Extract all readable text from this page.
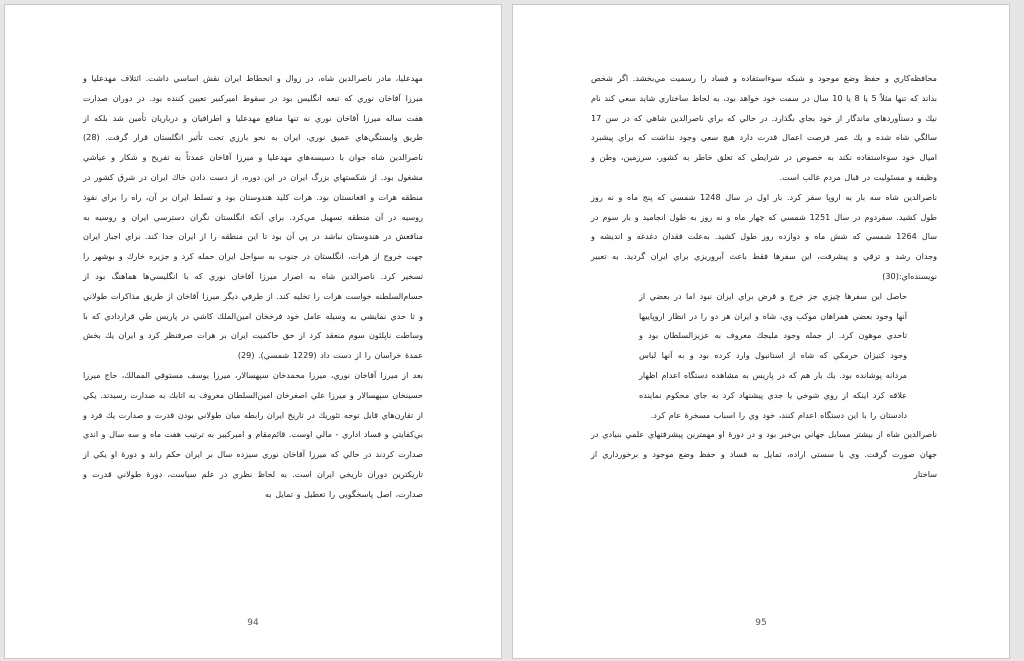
مهدعليا، مادر ناصرالدين شاه، در زوال و انحطاط ايران نقش اساسي داشت. ائتلاف مهدعليا و ميرزا آقاخان نوري كه تبعه انگليس بود در سقوط اميركبير تعيين كننده بود. در دوران صدارت هفت ساله ميرزا آقاخان نوري نه تنها منافع مهدعليا و اطرافيان و درباريان تأمين شد بلكه از طريق وابستگي‌هاي عميق نوري، ايران به نحو بارزي تحت تأثير انگلستان قرار گرفت. (28) ناصرالدين شاه جوان با دسيسه‌هاي مهدعليا و ميرزا آقاخان عمدتاً به تفريح و شكار و عياشي مشغول بود. از شكستهاي بزرگ ايران در اين دوره، از دست دادن خاك ايران در شرق كشور در منطقه هرات و افغانستان بود. هرات كليد هندوستان بود و تسلط ايران بر آن، راه را براي نفوذ روسيه در آن منطقه تسهيل مي‌كرد. براي آنكه انگلستان نگران دسترسي ايران و روسيه به منافعش در هندوستان نباشد در پي آن بود تا اين منطقه را از ايران جدا كند. براي اجبار ايران جهت خروج از هرات، انگلستان در جنوب به سواحل ايران حمله كرد و جزيره خارك و بوشهر را تسخير كرد. ناصرالدين شاه به اصرار ميرزا آقاخان نوري كه با انگليسي‌ها هماهنگ بود از حسام‌السلطنه خواست هرات را تخليه كند. از طرفي ديگر ميرزا آقاخان از طريق مذاكرات طولاني و تا حدي نمايشي به وسيله عامل خود فرخخان امين‌الملك كاشي در پاريس طي قراردادي كه با وساطت ناپلئون سوم منعقد كرد از حق حاكميت ايران بر هرات صرفنظر كرد و ايران يك بخش عمدهٔ خراسان را از دست داد (1229 شمسي). (29)

بعد از ميرزا آقاخان نوري، ميرزا محمدخان سپهسالار، ميرزا يوسف مستوفي الممالك، حاج ميرزا حسينخان سپهسالار و ميرزا علي اصغرخان امين‌السلطان معروف به اتابك به صدارت رسيدند. يكي از تقارن‌هاي قابل توجه تئوريك در تاريخ ايران رابطه ميان طولاني بودن قدرت و صدارت يك فرد و بي‌كفايتي و فساد اداري - مالي اوست. قائم‌مقام و اميركبير به ترتيب هفت ماه و سه سال و اندي صدارت كردند در حالي كه ميرزا آقاخان نوري سيزده سال بر ايران حكم راند و دورهٔ او يكي از تاريكترين دوران تاريخي ايران است. به لحاظ نظري در علم سياست، دورهٔ طولاني قدرت و صدارت، اصل پاسخگويي را تعطيل و تمايل به

94

محافظه‌كاري و حفظ وضع موجود و شبكه سوءاستفاده و فساد را رسميت مي‌بخشد. اگر شخص بداند كه تنها مثلاً 5 يا 8 يا 10 سال در سمت خود خواهد بود، به لحاظ ساختاري شايد سعي كند نام نيك و دستآوردهاي ماندگار از خود بجاي بگذارد. در حالي كه براي ناصرالدين شاهي كه در سن 17 سالگي شاه شده و يك عمر فرصت اعمال قدرت دارد هيچ سعي وجود نداشت كه براي پيشبرد اميال خود سوءاستفاده نكند به خصوص در شرايطي كه تعلق خاطر به كشور، سرزمين، وطن و وظيفه و مسئوليت در قبال مردم غالب است.

ناصرالدين شاه سه بار به اروپا سفر كرد. بار اول در سال 1248 شمسي كه پنج ماه و نه روز طول كشيد. سفردوم در سال 1251 شمسي كه چهار ماه و نه روز به طول انجاميد و بار سوم در سال 1264 شمسي كه شش ماه و دوازده روز طول كشيد. بەعلت فقدان دغدغه و انديشه و وجدان رشد و ترقي و پيشرفت، اين سفرها فقط باعث آبروريزي براي ايران گرديد. به تعبير نويسنده‌اي:(30)

حاصل اين سفرها چيزي جز خرج و قرض براي ايران نبود اما در بعضي از آنها وجود بعضي همراهان موكب وي، شاه و ايران هر دو را در انظار اروپاييها تاحدي موهون كرد. از جمله وجود مليجك معروف به عزيزالسلطان بود و وجود كنيزان حرمكي كه شاه از استانبول وارد كرده بود و به آنها لباس مردانه پوشانده بود. يك بار هم كه در پاريس به مشاهده دستگاه اعدام اظهار علاقه كرد اينكه از روي شوخي يا جدي پيشنهاد كرد به جاي محكوم نماينده دادستان را با اين دستگاه اعدام كنند، خود وي را اسباب مسخرهٔ عام كرد.

ناصرالدين شاه از بيشتر مسايل جهاني بي‌خبر بود و در دورهٔ او مهمترين پيشرفتهاي علمي بنيادي در جهان صورت گرفت. وي با سستي اراده، تمايل به فساد و حفظ وضع موجود و برخورداري از ساختار

95
